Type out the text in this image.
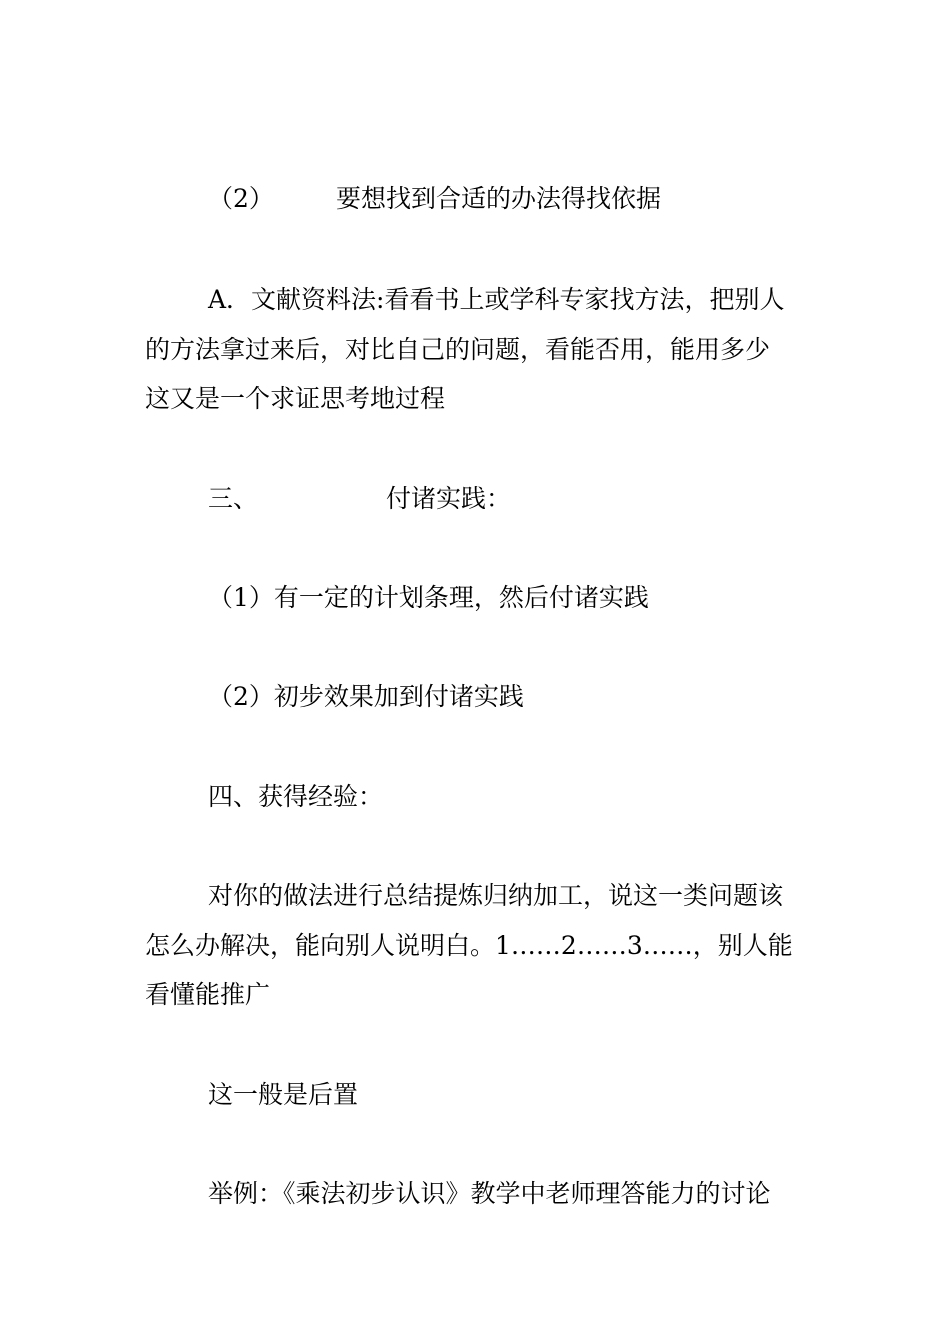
（2） 要想找到合适的办法得找依据

A．文献资料法:看看书上或学科专家找方法，把别人

的方法拿过来后，对比自己的问题，看能否用，能用多少

这又是一个求证思考地过程

三、	付诸实践：

（1）有一定的计划条理，然后付诸实践

（2）初步效果加到付诸实践

四、获得经验：

对你的做法进行总结提炼归纳加工，说这一类问题该

怎么办解决，能向别人说明白。1……2……3……，别人能

看懂能推广

这一般是后置

举例：《乘法初步认识》教学中老师理答能力的讨论
